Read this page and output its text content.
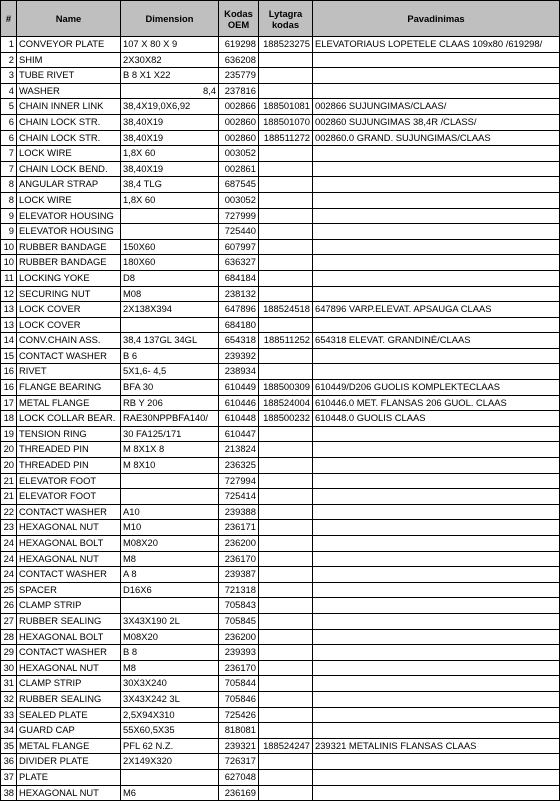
#	Name	Dimension	Kodas OEM	Lytagra kodas	Pavadinimas
1	CONVEYOR PLATE	107 X 80 X 9	619298	188523275	ELEVATORIAUS LOPETELE CLAAS 109x80 /619298/
2	SHIM	2X30X82	636208		
3	TUBE RIVET	B 8 X1 X22	235779		
4	WASHER	8,4	237816		
5	CHAIN INNER LINK	38,4X19,0X6,92	002866	188501081	002866 SUJUNGIMAS/CLAAS/
6	CHAIN LOCK STR.	38,40X19	002860	188501070	002860 SUJUNGIMAS 38,4R /CLASS/
6	CHAIN LOCK STR.	38,40X19	002860	188511272	002860.0 GRAND. SUJUNGIMAS/CLAAS
7	LOCK WIRE	1,8X 60	003052		
7	CHAIN LOCK BEND.	38,40X19	002861		
8	ANGULAR STRAP	38,4 TLG	687545		
8	LOCK WIRE	1,8X 60	003052		
9	ELEVATOR HOUSING		727999		
9	ELEVATOR HOUSING		725440		
10	RUBBER BANDAGE	150X60	607997		
10	RUBBER BANDAGE	180X60	636327		
11	LOCKING YOKE	D8	684184		
12	SECURING NUT	M08	238132		
13	LOCK COVER	2X138X394	647896	188524518	647896 VARP.ELEVAT. APSAUGA CLAAS
13	LOCK COVER		684180		
14	CONV.CHAIN ASS.	38,4 137GL 34GL	654318	188511252	654318 ELEVAT. GRANDINĖ/CLAAS
15	CONTACT WASHER	B 6	239392		
16	RIVET	5X1,6- 4,5	238934		
16	FLANGE BEARING	BFA 30	610449	188500309	610449/D206 GUOLIS KOMPLEKTECLAAS
17	METAL FLANGE	RB Y 206	610446	188524004	610446.0 MET. FLANSAS 206 GUOL. CLAAS
18	LOCK COLLAR BEAR.	RAE30NPPBFA140/	610448	188500232	610448.0 GUOLIS CLAAS
19	TENSION RING	30 FA125/171	610447		
20	THREADED PIN	M 8X1X 8	213824		
20	THREADED PIN	M 8X10	236325		
21	ELEVATOR FOOT		727994		
21	ELEVATOR FOOT		725414		
22	CONTACT WASHER	A10	239388		
23	HEXAGONAL NUT	M10	236171		
24	HEXAGONAL BOLT	M08X20	236200		
24	HEXAGONAL NUT	M8	236170		
24	CONTACT WASHER	A 8	239387		
25	SPACER	D16X6	721318		
26	CLAMP STRIP		705843		
27	RUBBER SEALING	3X43X190 2L	705845		
28	HEXAGONAL BOLT	M08X20	236200		
29	CONTACT WASHER	B 8	239393		
30	HEXAGONAL NUT	M8	236170		
31	CLAMP STRIP	30X3X240	705844		
32	RUBBER SEALING	3X43X242 3L	705846		
33	SEALED PLATE	2,5X94X310	725426		
34	GUARD CAP	55X60,5X35	818081		
35	METAL FLANGE	PFL 62 N.Z.	239321	188524247	239321 METALINIS FLANSAS CLAAS
36	DIVIDER PLATE	2X149X320	726317		
37	PLATE		627048		
38	HEXAGONAL NUT	M6	236169		
